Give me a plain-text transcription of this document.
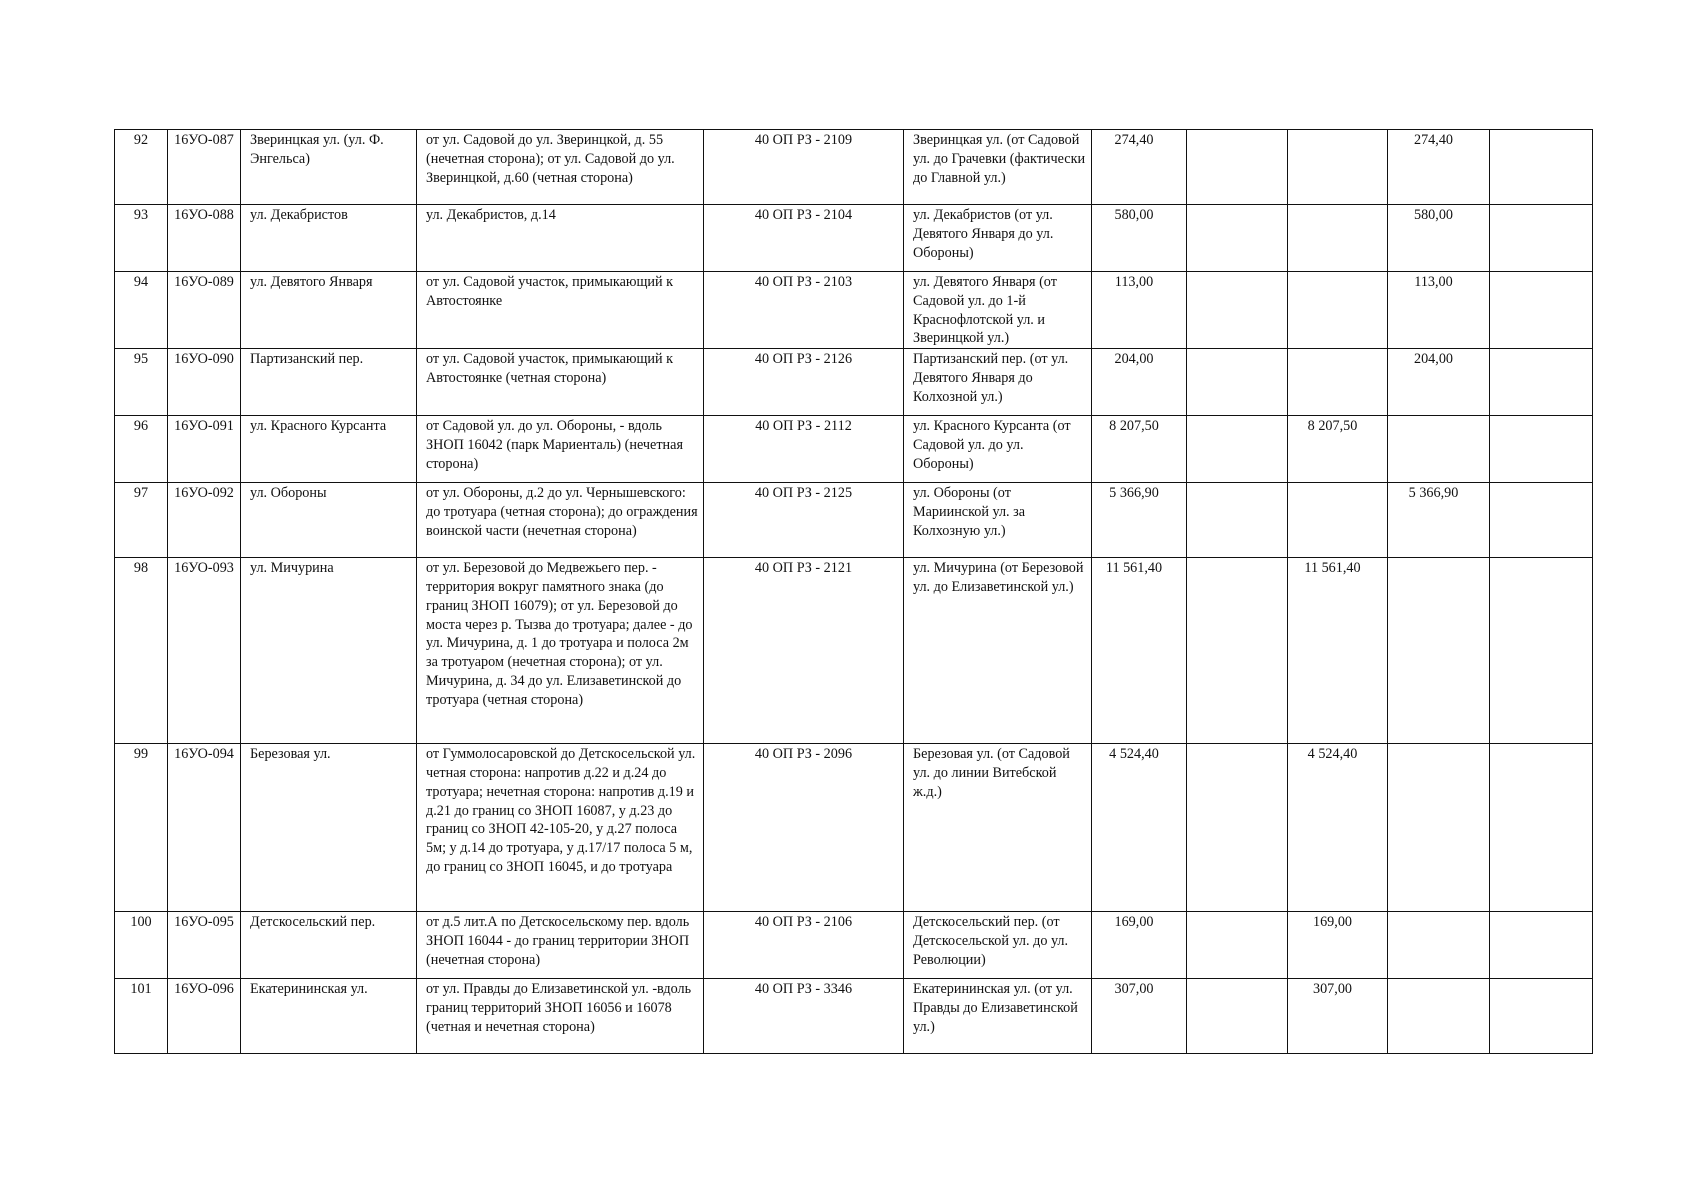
92	16УО-087	Зверинцкая ул. (ул. Ф. Энгельса)	от ул. Садовой до ул. Зверинцкой, д. 55 (нечетная сторона); от ул. Садовой до ул. Зверинцкой, д.60 (четная сторона)	40 ОП РЗ - 2109	Зверинцкая ул. (от Садовой ул. до Грачевки (фактически до Главной ул.)	274,40			274,40	
93	16УО-088	ул. Декабристов	ул. Декабристов, д.14	40 ОП РЗ - 2104	ул. Декабристов (от ул. Девятого Января до ул. Обороны)	580,00			580,00	
94	16УО-089	ул. Девятого Января	от ул. Садовой участок, примыкающий к Автостоянке	40 ОП РЗ - 2103	ул. Девятого Января (от Садовой ул. до 1-й Краснофлотской ул. и Зверинцкой ул.)	113,00			113,00	
95	16УО-090	Партизанский пер.	от ул. Садовой участок, примыкающий к Автостоянке (четная сторона)	40 ОП РЗ - 2126	Партизанский пер. (от ул. Девятого Января до Колхозной ул.)	204,00			204,00	
96	16УО-091	ул. Красного Курсанта	от Садовой ул. до ул. Обороны, - вдоль ЗНОП 16042 (парк Мариенталь) (нечетная сторона)	40 ОП РЗ - 2112	ул. Красного Курсанта (от Садовой ул. до ул. Обороны)	8 207,50		8 207,50		
97	16УО-092	ул. Обороны	от ул. Обороны, д.2 до ул. Чернышевского: до тротуара (четная сторона); до ограждения воинской части (нечетная сторона)	40 ОП РЗ - 2125	ул. Обороны (от Мариинской ул. за Колхозную ул.)	5 366,90			5 366,90	
98	16УО-093	ул. Мичурина	от ул. Березовой до Медвежьего пер. - территория вокруг памятного знака (до границ ЗНОП 16079); от ул. Березовой до моста через р. Тызва до тротуара; далее - до ул. Мичурина, д. 1 до тротуара и полоса 2м за тротуаром (нечетная сторона); от ул. Мичурина, д. 34 до ул. Елизаветинской до тротуара (четная сторона)	40 ОП РЗ - 2121	ул. Мичурина (от Березовой ул. до Елизаветинской ул.)	11 561,40		11 561,40		
99	16УО-094	Березовая ул.	от Гуммолосаровской до Детскосельской ул. четная сторона: напротив д.22 и д.24 до тротуара; нечетная сторона: напротив д.19 и д.21 до границ со ЗНОП 16087, у д.23 до границ со ЗНОП 42-105-20, у д.27 полоса 5м; у д.14 до тротуара, у д.17/17 полоса 5 м, до границ со ЗНОП 16045, и до тротуара	40 ОП РЗ - 2096	Березовая ул. (от Садовой ул. до линии Витебской ж.д.)	4 524,40		4 524,40		
100	16УО-095	Детскосельский пер.	от д.5 лит.А по Детскосельскому пер. вдоль ЗНОП 16044 - до границ территории ЗНОП (нечетная сторона)	40 ОП РЗ - 2106	Детскосельский пер. (от Детскосельской ул. до ул. Революции)	169,00		169,00		
101	16УО-096	Екатерининская ул.	от ул. Правды до Елизаветинской ул. -вдоль границ территорий ЗНОП 16056 и 16078 (четная и нечетная сторона)	40 ОП РЗ - 3346	Екатерининская ул. (от ул. Правды до Елизаветинской ул.)	307,00		307,00		
